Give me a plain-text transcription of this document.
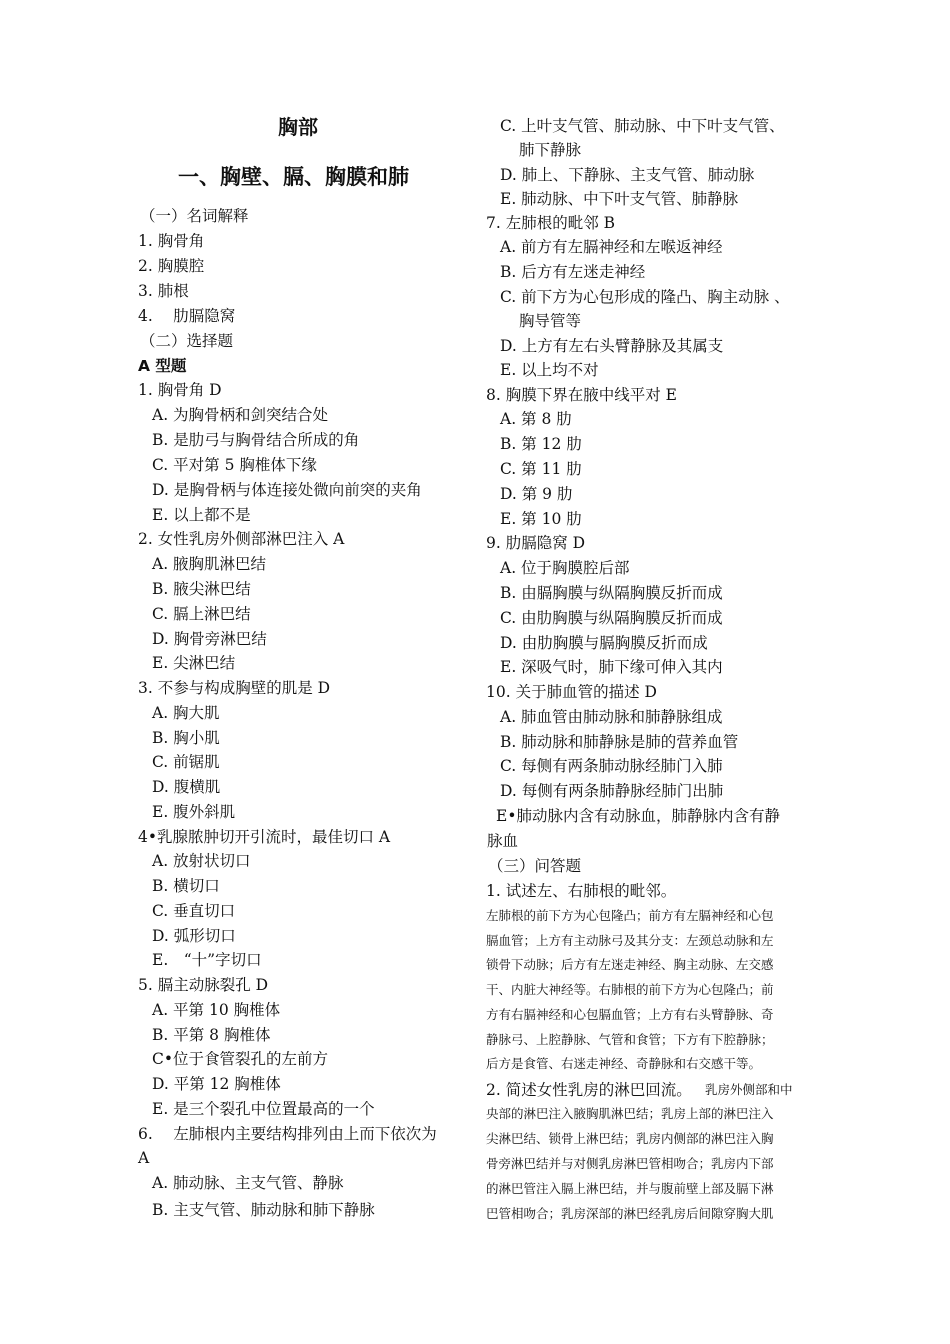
胸部
一、胸壁、膈、胸膜和肺
（一）名词解释
1. 胸骨角
2. 胸膜腔
3. 肺根
4.　 肋膈隐窝
（二）选择题
A 型题
1. 胸骨角 D
A. 为胸骨柄和剑突结合处
B. 是肋弓与胸骨结合所成的角
C. 平对第 5 胸椎体下缘
D. 是胸骨柄与体连接处微向前突的夹角
E. 以上都不是
2. 女性乳房外侧部淋巴注入 A
A. 腋胸肌淋巴结
B. 腋尖淋巴结
C. 膈上淋巴结
D. 胸骨旁淋巴结
E. 尖淋巴结
3. 不参与构成胸壁的肌是 D
A. 胸大肌
B. 胸小肌
C. 前锯肌
D. 腹横肌
E. 腹外斜肌
4•乳腺脓肿切开引流时，最佳切口 A
A. 放射状切口
B. 横切口
C. 垂直切口
D. 弧形切口
E.　“十”字切口
5. 膈主动脉裂孔 D
A. 平第 10 胸椎体
B. 平第 8 胸椎体
C•位于食管裂孔的左前方
D. 平第 12 胸椎体
E. 是三个裂孔中位置最高的一个
6.　 左肺根内主要结构排列由上而下依次为
A
A. 肺动脉、主支气管、静脉
B. 主支气管、肺动脉和肺下静脉
C. 上叶支气管、肺动脉、中下叶支气管、
肺下静脉
D. 肺上、下静脉、主支气管、肺动脉
E. 肺动脉、中下叶支气管、肺静脉
7. 左肺根的毗邻 B
A. 前方有左膈神经和左喉返神经
B. 后方有左迷走神经
C. 前下方为心包形成的隆凸、胸主动脉 、
胸导管等
D. 上方有左右头臂静脉及其属支
E. 以上均不对
8. 胸膜下界在腋中线平对 E
A. 第 8 肋
B. 第 12 肋
C. 第 11 肋
D. 第 9 肋
E. 第 10 肋
9. 肋膈隐窝 D
A. 位于胸膜腔后部
B. 由膈胸膜与纵隔胸膜反折而成
C. 由肋胸膜与纵隔胸膜反折而成
D. 由肋胸膜与膈胸膜反折而成
E. 深吸气时，肺下缘可伸入其内
10. 关于肺血管的描述 D
A. 肺血管由肺动脉和肺静脉组成
B. 肺动脉和肺静脉是肺的营养血管
C. 每侧有两条肺动脉经肺门入肺
D. 每侧有两条肺静脉经肺门出肺
E•肺动脉内含有动脉血，肺静脉内含有静
脉血
（三）问答题
1. 试述左、右肺根的毗邻。
左肺根的前下方为心包隆凸；前方有左膈神经和心包
膈血管；上方有主动脉弓及其分支：左颈总动脉和左
锁骨下动脉；后方有左迷走神经、胸主动脉、左交感
干、内脏大神经等。右肺根的前下方为心包隆凸；前
方有右膈神经和心包膈血管；上方有右头臂静脉、奇
静脉弓、上腔静脉、气管和食管；下方有下腔静脉；
后方是食管、右迷走神经、奇静脉和右交感干等。
2. 简述女性乳房的淋巴回流。 乳房外侧部和中
央部的淋巴注入腋胸肌淋巴结；乳房上部的淋巴注入
尖淋巴结、锁骨上淋巴结；乳房内侧部的淋巴注入胸
骨旁淋巴结并与对侧乳房淋巴管相吻合；乳房内下部
的淋巴管注入膈上淋巴结，并与腹前壁上部及膈下淋
巴管相吻合；乳房深部的淋巴经乳房后间隙穿胸大肌
